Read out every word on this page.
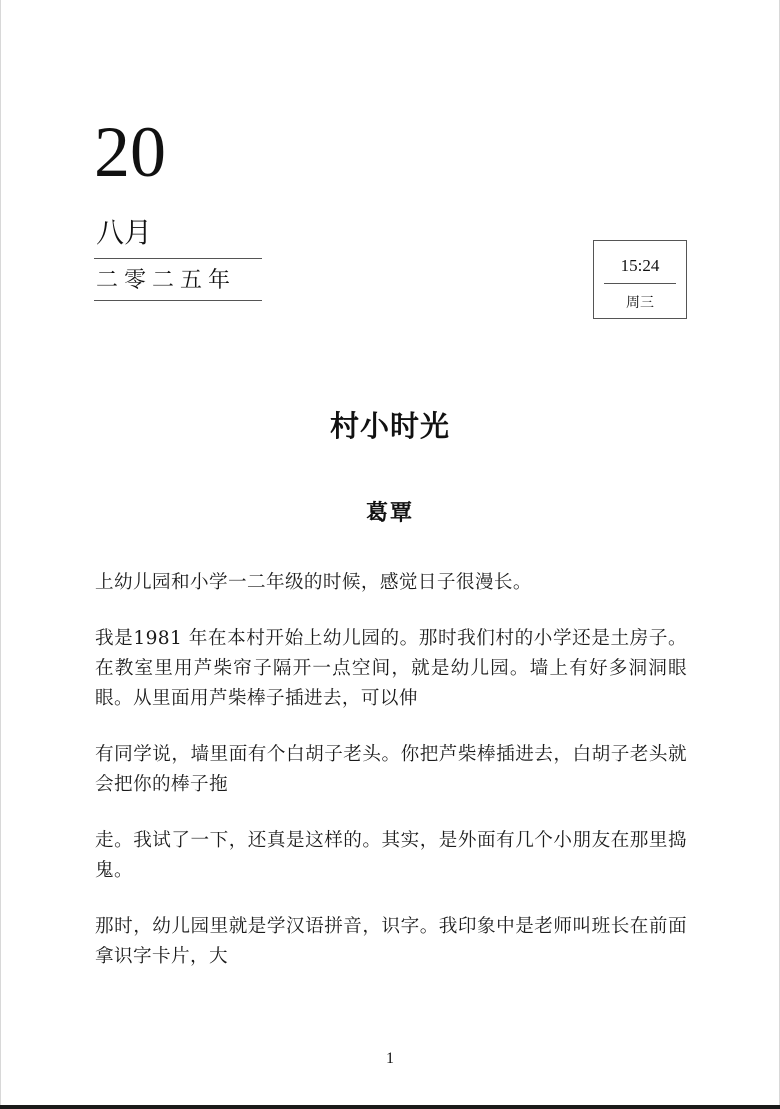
20
八月
二零二五年
15:24
周三
村小时光
葛覃

上幼儿园和小学一二年级的时候，感觉日子很漫长。

我是1981 年在本村开始上幼儿园的。那时我们村的小学还是土房子。在教室里用芦柴帘子隔开一点空间，就是幼儿园。墙上有好多洞洞眼眼。从里面用芦柴棒子插进去，可以伸

有同学说，墙里面有个白胡子老头。你把芦柴棒插进去，白胡子老头就会把你的棒子拖

走。我试了一下，还真是这样的。其实，是外面有几个小朋友在那里捣鬼。

那时，幼儿园里就是学汉语拼音，识字。我印象中是老师叫班长在前面拿识字卡片，大

1
